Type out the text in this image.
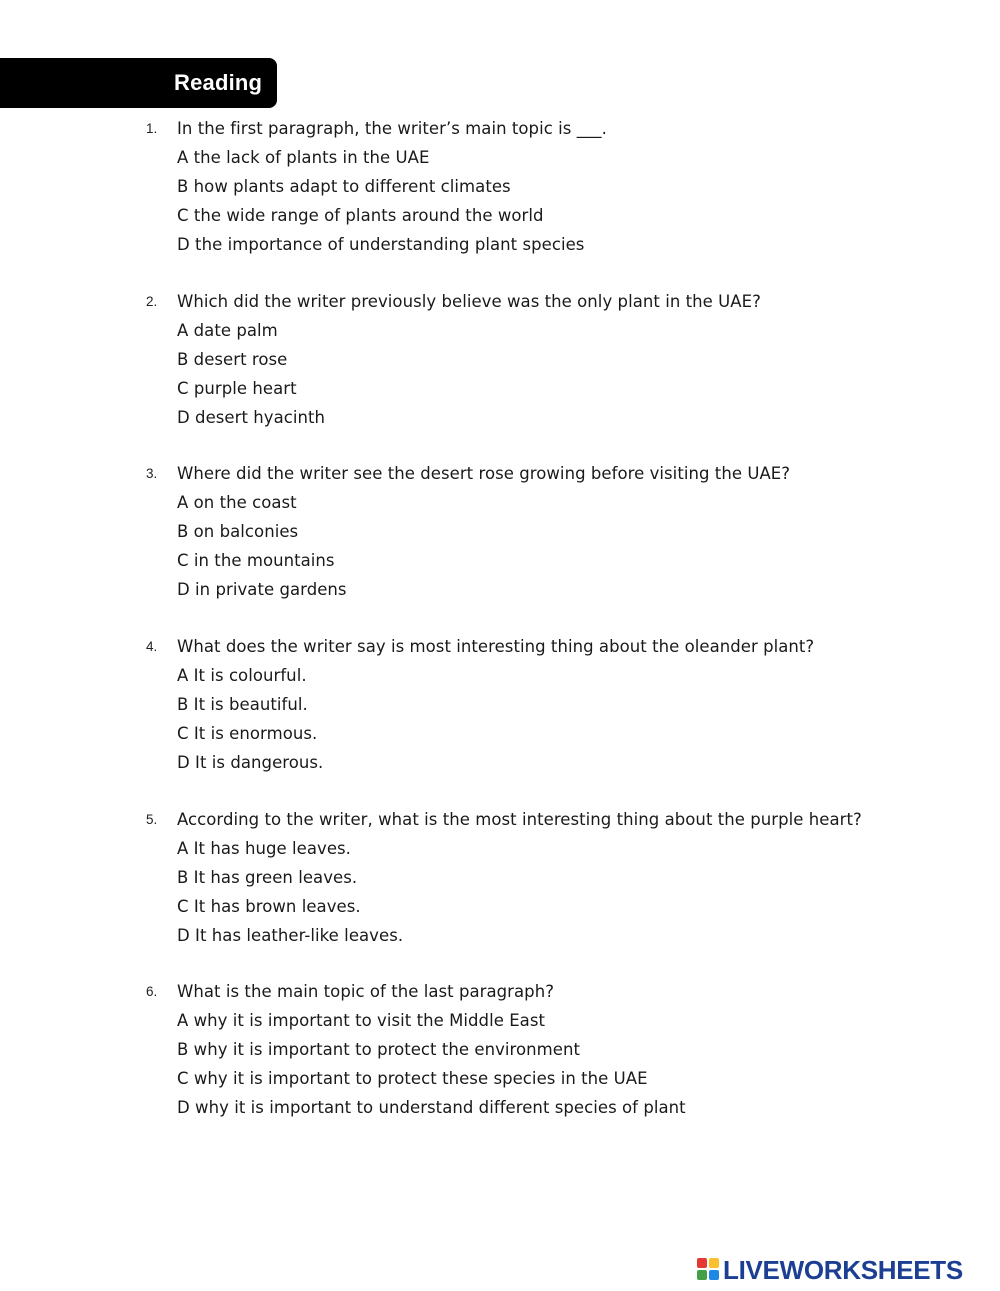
Reading
1. In the first paragraph, the writer’s main topic is ___.
A the lack of plants in the UAE
B how plants adapt to different climates
C the wide range of plants around the world
D the importance of understanding plant species
2. Which did the writer previously believe was the only plant in the UAE?
A date palm
B desert rose
C purple heart
D desert hyacinth
3. Where did the writer see the desert rose growing before visiting the UAE?
A on the coast
B on balconies
C in the mountains
D in private gardens
4. What does the writer say is most interesting thing about the oleander plant?
A It is colourful.
B It is beautiful.
C It is enormous.
D It is dangerous.
5. According to the writer, what is the most interesting thing about the purple heart?
A It has huge leaves.
B It has green leaves.
C It has brown leaves.
D It has leather-like leaves.
6. What is the main topic of the last paragraph?
A why it is important to visit the Middle East
B why it is important to protect the environment
C why it is important to protect these species in the UAE
D why it is important to understand different species of plant
LIVEWORKSHEETS
